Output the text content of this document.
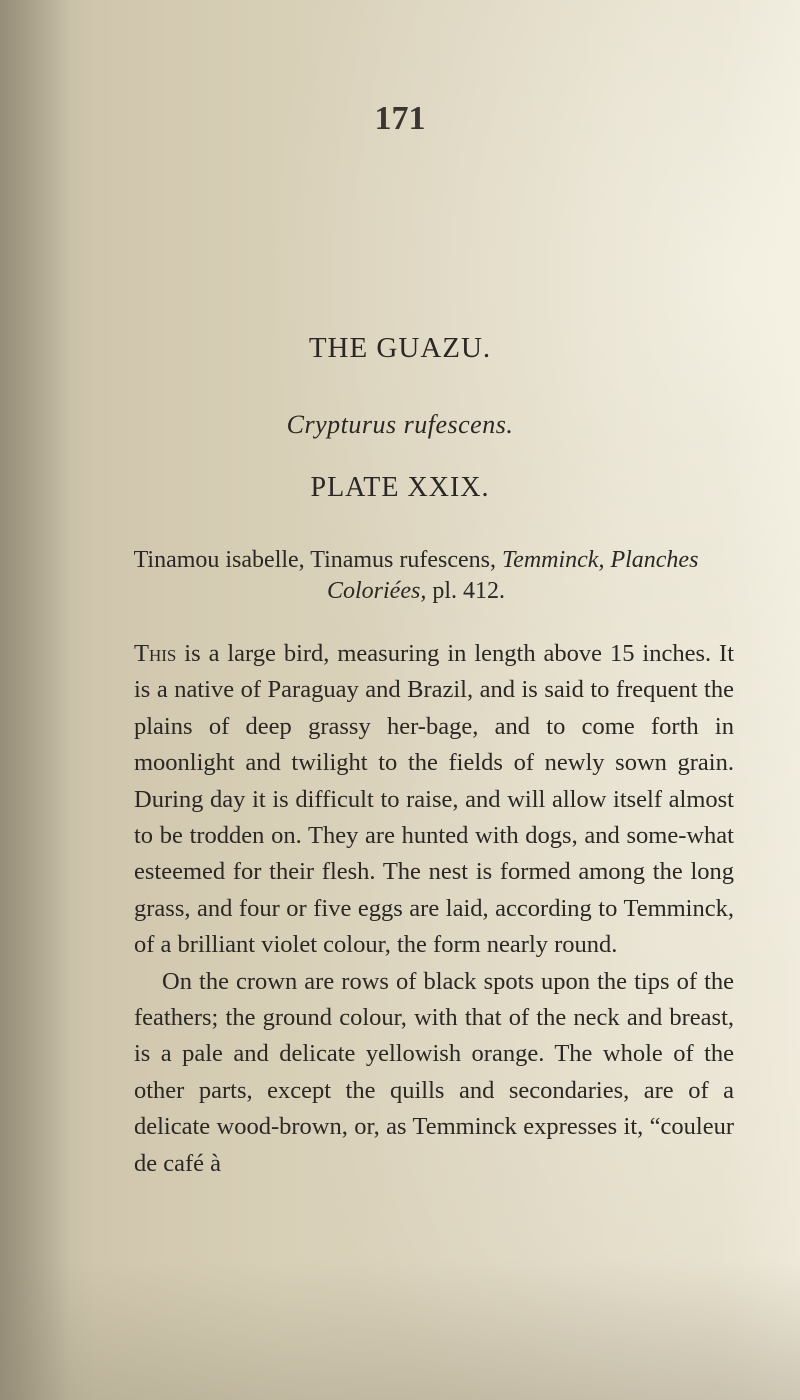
171
THE GUAZU.
Crypturus rufescens.
PLATE XXIX.
Tinamou isabelle, Tinamus rufescens, Temminck, Planches Coloriées, pl. 412.

This is a large bird, measuring in length above 15 inches. It is a native of Paraguay and Brazil, and is said to frequent the plains of deep grassy her-bage, and to come forth in moonlight and twilight to the fields of newly sown grain. During day it is difficult to raise, and will allow itself almost to be trodden on. They are hunted with dogs, and some-what esteemed for their flesh. The nest is formed among the long grass, and four or five eggs are laid, according to Temminck, of a brilliant violet colour, the form nearly round.

On the crown are rows of black spots upon the tips of the feathers; the ground colour, with that of the neck and breast, is a pale and delicate yellowish orange. The whole of the other parts, except the quills and secondaries, are of a delicate wood-brown, or, as Temminck expresses it, “couleur de café à
